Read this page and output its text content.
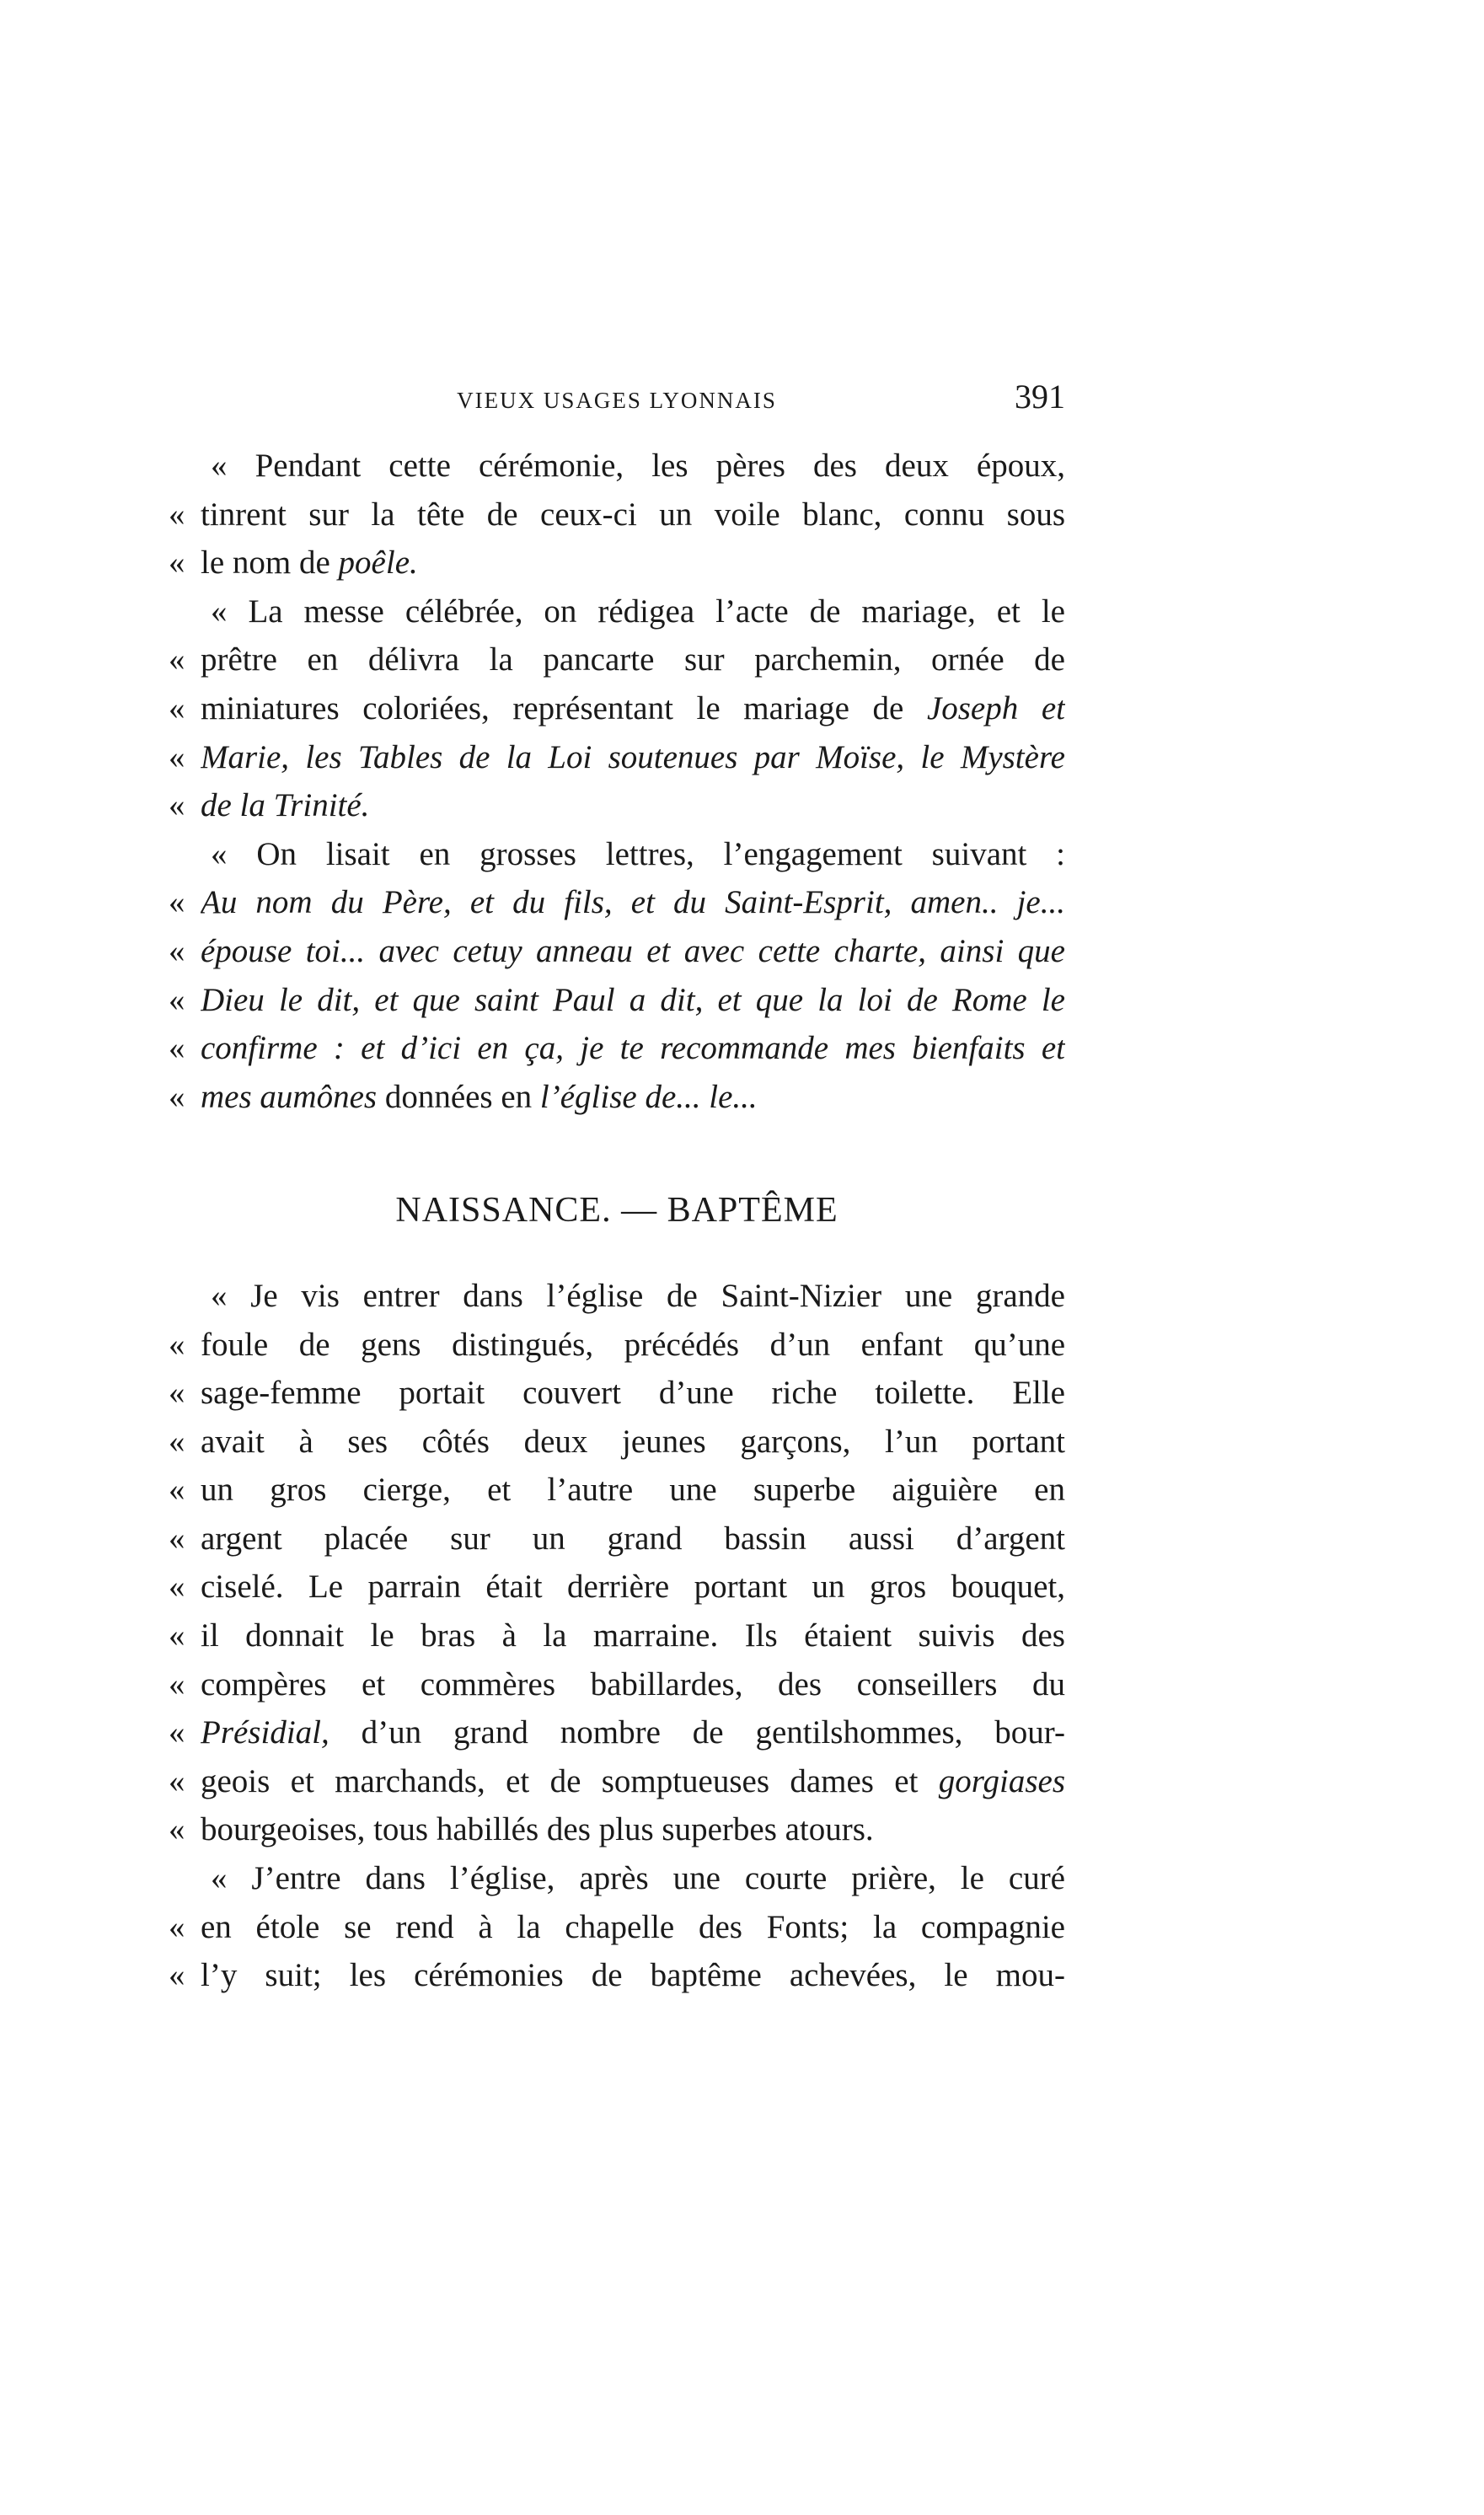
VIEUX USAGES LYONNAIS	391
« Pendant cette cérémonie, les pères des deux époux,
« tinrent sur la tête de ceux-ci un voile blanc, connu sous
« le nom de poêle.
« La messe célébrée, on rédigea l’acte de mariage, et le
« prêtre en délivra la pancarte sur parchemin, ornée de
« miniatures coloriées, représentant le mariage de Joseph et
« Marie, les Tables de la Loi soutenues par Moïse, le Mystère
« de la Trinité.
« On lisait en grosses lettres, l’engagement suivant :
« Au nom du Père, et du fils, et du Saint-Esprit, amen.. je...
« épouse toi... avec cetuy anneau et avec cette charte, ainsi que
« Dieu le dit, et que saint Paul a dit, et que la loi de Rome le
« confirme : et d’ici en ça, je te recommande mes bienfaits et
« mes aumônes données en l’église de... le...
NAISSANCE. — BAPTÊME
« Je vis entrer dans l’église de Saint-Nizier une grande
« foule de gens distingués, précédés d’un enfant qu’une
« sage-femme portait couvert d’une riche toilette. Elle
« avait à ses côtés deux jeunes garçons, l’un portant
« un gros cierge, et l’autre une superbe aiguière en
« argent placée sur un grand bassin aussi d’argent
« ciselé. Le parrain était derrière portant un gros bouquet,
« il donnait le bras à la marraine. Ils étaient suivis des
« compères et commères babillardes, des conseillers du
« Présidial, d’un grand nombre de gentilshommes, bour-
« geois et marchands, et de somptueuses dames et gorgiases
« bourgeoises, tous habillés des plus superbes atours.
« J’entre dans l’église, après une courte prière, le curé
« en étole se rend à la chapelle des Fonts; la compagnie
« l’y suit; les cérémonies de baptême achevées, le mou-
